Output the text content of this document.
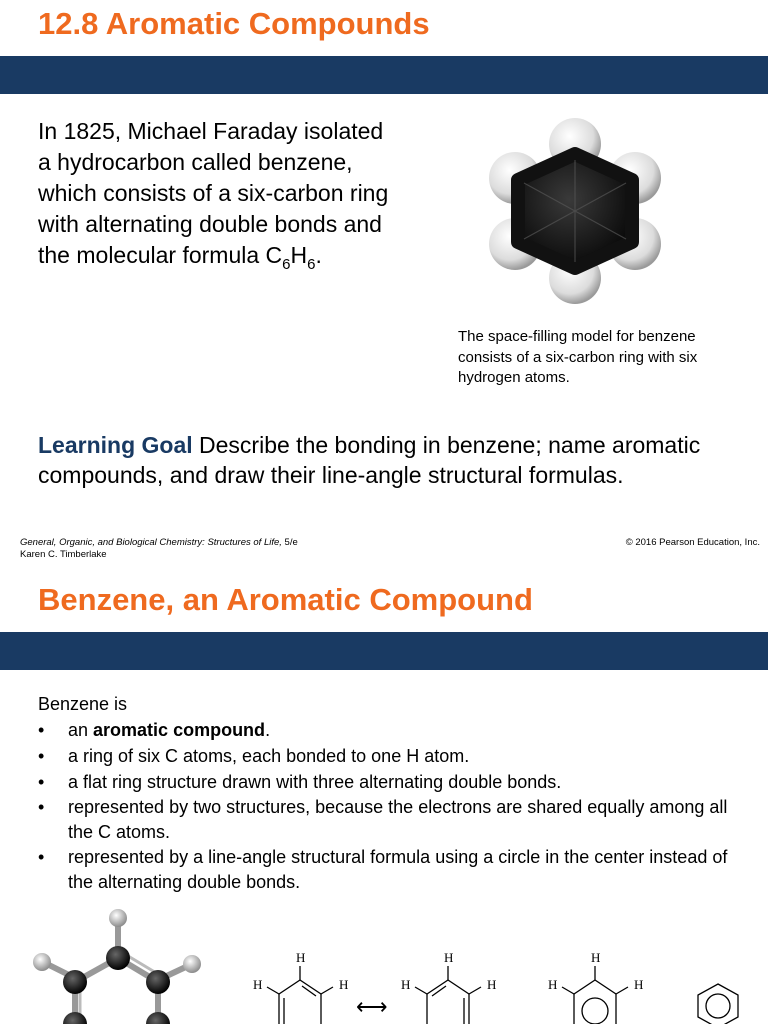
12.8 Aromatic Compounds
In 1825, Michael Faraday isolated a hydrocarbon called benzene, which consists of a six-carbon ring with alternating double bonds and the molecular formula $C_6H_6$.
The space-filling model for benzene consists of a six-carbon ring with six hydrogen atoms.
Learning Goal Describe the bonding in benzene; name aromatic compounds, and draw their line-angle structural formulas.
General, Organic, and Biological Chemistry: Structures of Life, 5/e
Karen C. Timberlake
© 2016 Pearson Education, Inc.
Benzene, an Aromatic Compound
Benzene is
• an aromatic compound.
• a ring of six C atoms, each bonded to one H atom.
• a flat ring structure drawn with three alternating double bonds.
• represented by two structures, because the electrons are shared equally among all the C atoms.
• represented by a line-angle structural formula using a circle in the center instead of the alternating double bonds.
H
H	H
⟷
H
H	H
H
H	H
